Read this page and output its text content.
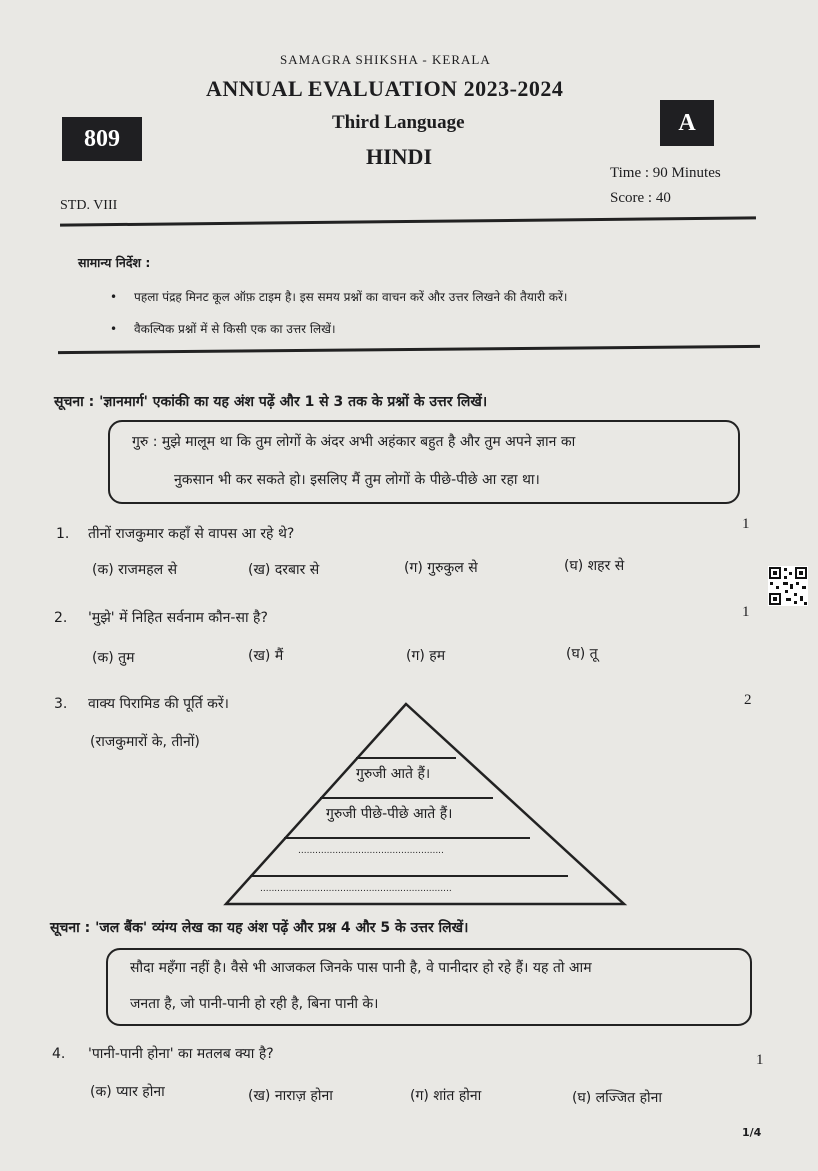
SAMAGRA SHIKSHA - KERALA
ANNUAL EVALUATION 2023-2024
Third Language
HINDI
809
A
Time : 90 Minutes
Score : 40
STD. VIII
सामान्य निर्देश :
• पहला पंद्रह मिनट कूल ऑफ़ टाइम है। इस समय प्रश्नों का वाचन करें और उत्तर लिखने की तैयारी करें।
• वैकल्पिक प्रश्नों में से किसी एक का उत्तर लिखें।
सूचना : 'ज्ञानमार्ग' एकांकी का यह अंश पढ़ें और 1 से 3 तक के प्रश्नों के उत्तर लिखें।
गुरु : मुझे मालूम था कि तुम लोगों के अंदर अभी अहंकार बहुत है और तुम अपने ज्ञान का
नुकसान भी कर सकते हो। इसलिए मैं तुम लोगों के पीछे-पीछे आ रहा था।
1. तीनों राजकुमार कहाँ से वापस आ रहे थे?
1
(क) राजमहल से	(ख) दरबार से	(ग) गुरुकुल से	(घ) शहर से
2. 'मुझे' में निहित सर्वनाम कौन-सा है?	1
(क) तुम	(ख) मैं	(ग) हम	(घ) तू
3. वाक्य पिरामिड की पूर्ति करें।	2
(राजकुमारों के, तीनों)
गुरुजी आते हैं।
गुरुजी पीछे-पीछे आते हैं।
...................................................
...................................................................
सूचना : 'जल बैंक' व्यंग्य लेख का यह अंश पढ़ें और प्रश्न 4 और 5 के उत्तर लिखें।
सौदा महँगा नहीं है। वैसे भी आजकल जिनके पास पानी है, वे पानीदार हो रहे हैं। यह तो आम
जनता है, जो पानी-पानी हो रही है, बिना पानी के।
4. 'पानी-पानी होना' का मतलब क्या है?	1
(क) प्यार होना	(ख) नाराज़ होना	(ग) शांत होना	(घ) लज्जित होना
1/4
